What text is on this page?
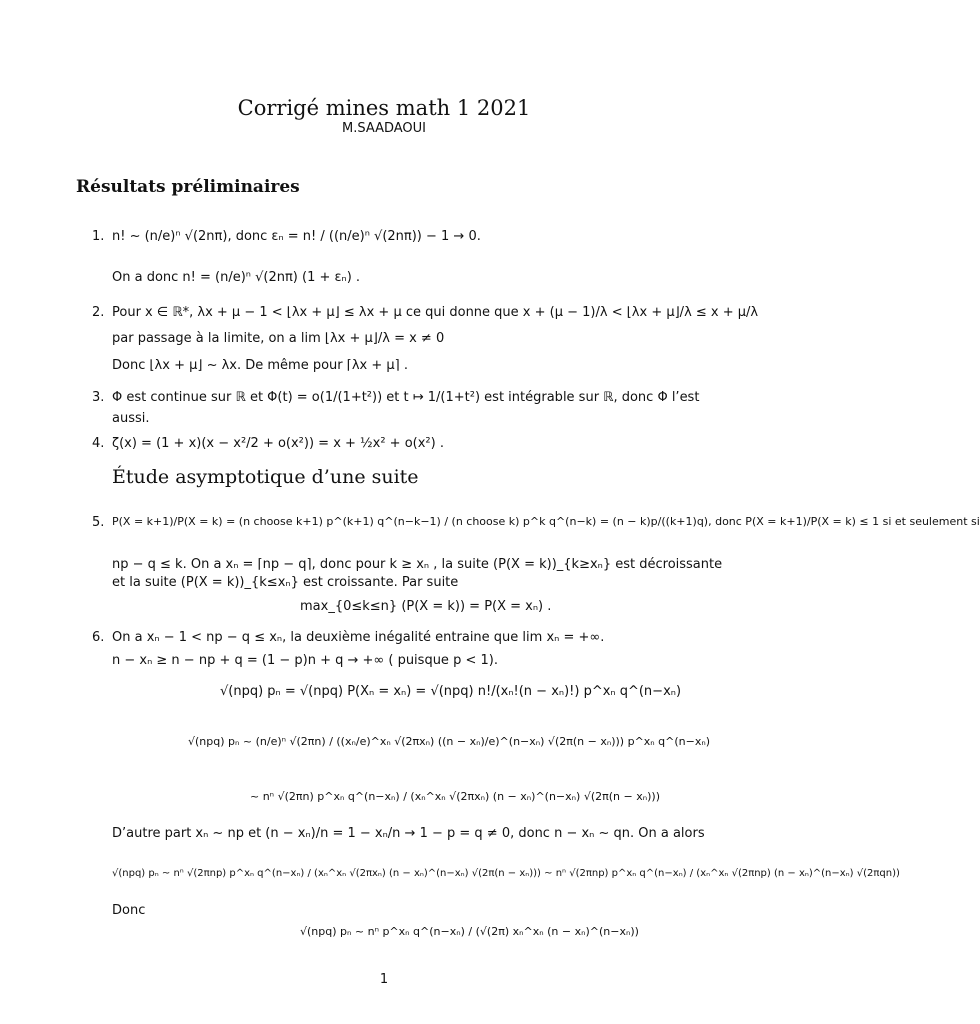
Corrigé mines math 1 2021
M.SAADAOUI
Résultats préliminaires
1. n! ~ (n/e)ⁿ √(2nπ), donc εₙ = n! / ((n/e)ⁿ √(2nπ)) − 1 → 0.
On a donc n! = (n/e)ⁿ √(2nπ) (1 + εₙ) .
2. Pour x ∈ ℝ*, λx + μ − 1 < ⌊λx + μ⌋ ≤ λx + μ ce qui donne que x + (μ − 1)/λ < ⌊λx + μ⌋/λ ≤ x + μ/λ
par passage à la limite, on a lim ⌊λx + μ⌋/λ = x ≠ 0
Donc ⌊λx + μ⌋ ~ λx. De même pour ⌈λx + μ⌉ .
3. Φ est continue sur ℝ et Φ(t) = o(1/(1+t²)) et t ↦ 1/(1+t²) est intégrable sur ℝ, donc Φ l’est
aussi.
4. ζ(x) = (1 + x)(x − x²/2 + o(x²)) = x + ½x² + o(x²) .
Étude asymptotique d’une suite
5. P(X = k+1)/P(X = k) = (n choose k+1) p^(k+1) q^(n−k−1) / (n choose k) p^k q^(n−k) = (n − k)p/((k+1)q), donc P(X = k+1)/P(X = k) ≤ 1 si et seulement si
np − q ≤ k. On a xₙ = ⌈np − q⌉, donc pour k ≥ xₙ , la suite (P(X = k))_{k≥xₙ} est décroissante
et la suite (P(X = k))_{k≤xₙ} est croissante. Par suite
max_{0≤k≤n} (P(X = k)) = P(X = xₙ) .
6. On a xₙ − 1 < np − q ≤ xₙ, la deuxième inégalité entraine que lim xₙ = +∞.
n − xₙ ≥ n − np + q = (1 − p)n + q → +∞ ( puisque p < 1).
√(npq) pₙ = √(npq) P(Xₙ = xₙ) = √(npq) n!/(xₙ!(n − xₙ)!) p^xₙ q^(n−xₙ)
√(npq) pₙ ~ (n/e)ⁿ √(2πn) / ((xₙ/e)^xₙ √(2πxₙ) ((n − xₙ)/e)^(n−xₙ) √(2π(n − xₙ))) p^xₙ q^(n−xₙ)
~ nⁿ √(2πn) p^xₙ q^(n−xₙ) / (xₙ^xₙ √(2πxₙ) (n − xₙ)^(n−xₙ) √(2π(n − xₙ)))
D’autre part xₙ ~ np et (n − xₙ)/n = 1 − xₙ/n → 1 − p = q ≠ 0, donc n − xₙ ~ qn. On a alors
√(npq) pₙ ~ nⁿ √(2πnp) p^xₙ q^(n−xₙ) / (xₙ^xₙ √(2πxₙ) (n − xₙ)^(n−xₙ) √(2π(n − xₙ))) ~ nⁿ √(2πnp) p^xₙ q^(n−xₙ) / (xₙ^xₙ √(2πnp) (n − xₙ)^(n−xₙ) √(2πqn))
Donc
√(npq) pₙ ~ nⁿ p^xₙ q^(n−xₙ) / (√(2π) xₙ^xₙ (n − xₙ)^(n−xₙ))
1
